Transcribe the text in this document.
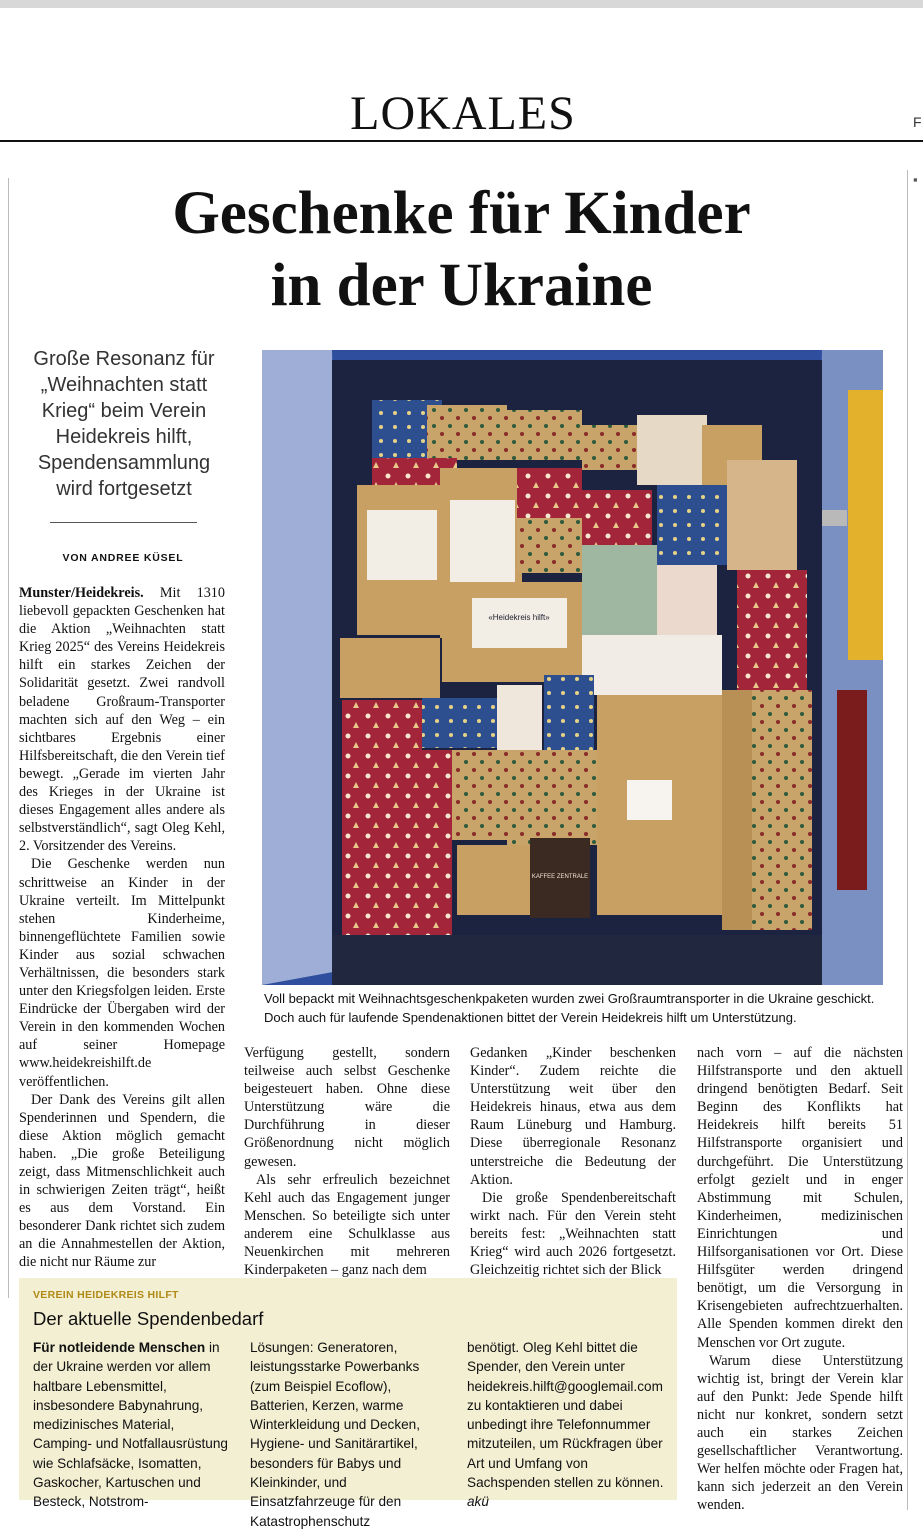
LOKALES	F
▪
Geschenke für Kinder
in der Ukraine
Große Resonanz für „Weihnachten statt Krieg“ beim Verein Heidekreis hilft, Spendensammlung wird fortgesetzt
VON ANDREE KÜSEL

Munster/Heidekreis. Mit 1310 liebevoll gepackten Geschenken hat die Aktion „Weihnachten statt Krieg 2025“ des Vereins Heidekreis hilft ein starkes Zeichen der Solidarität gesetzt. Zwei randvoll beladene Großraum-Transporter machten sich auf den Weg – ein sichtbares Ergebnis einer Hilfsbereitschaft, die den Verein tief bewegt. „Gerade im vierten Jahr des Krieges in der Ukraine ist dieses Engagement alles andere als selbstverständlich“, sagt Oleg Kehl, 2. Vorsitzender des Vereins.

Die Geschenke werden nun schrittweise an Kinder in der Ukraine verteilt. Im Mittelpunkt stehen Kinderheime, binnengeflüchtete Familien sowie Kinder aus sozial schwachen Verhältnissen, die besonders stark unter den Kriegsfolgen leiden. Erste Eindrücke der Übergaben wird der Verein in den kommenden Wochen auf seiner Homepage www.heidekreishilft.de veröffentlichen.

Der Dank des Vereins gilt allen Spenderinnen und Spendern, die diese Aktion möglich gemacht haben. „Die große Beteiligung zeigt, dass Mitmenschlichkeit auch in schwierigen Zeiten trägt“, heißt es aus dem Vorstand. Ein besonderer Dank richtet sich zudem an die Annahmestellen der Aktion, die nicht nur Räume zur

Verfügung gestellt, sondern teilweise auch selbst Geschenke beigesteuert haben. Ohne diese Unterstützung wäre die Durchführung in dieser Größenordnung nicht möglich gewesen.

Als sehr erfreulich bezeichnet Kehl auch das Engagement junger Menschen. So beteiligte sich unter anderem eine Schulklasse aus Neuenkirchen mit mehreren Kinderpaketen – ganz nach dem

Gedanken „Kinder beschenken Kinder“. Zudem reichte die Unterstützung weit über den Heidekreis hinaus, etwa aus dem Raum Lüneburg und Hamburg. Diese überregionale Resonanz unterstreiche die Bedeutung der Aktion.

Die große Spendenbereitschaft wirkt nach. Für den Verein steht bereits fest: „Weihnachten statt Krieg“ wird auch 2026 fortgesetzt. Gleichzeitig richtet sich der Blick

nach vorn – auf die nächsten Hilfstransporte und den aktuell dringend benötigten Bedarf. Seit Beginn des Konflikts hat Heidekreis hilft bereits 51 Hilfstransporte organisiert und durchgeführt. Die Unterstützung erfolgt gezielt und in enger Abstimmung mit Schulen, Kinderheimen, medizinischen Einrichtungen und Hilfsorganisationen vor Ort. Diese Hilfsgüter werden dringend benötigt, um die Versorgung in Krisengebieten aufrechtzuerhalten. Alle Spenden kommen direkt den Menschen vor Ort zugute.

Warum diese Unterstützung wichtig ist, bringt der Verein klar auf den Punkt: Jede Spende hilft nicht nur konkret, sondern setzt auch ein starkes Zeichen gesellschaftlicher Verantwortung. Wer helfen möchte oder Fragen hat, kann sich jederzeit an den Verein wenden.

«Heidekreis hilft»
KAFFEE ZENTRALE
Voll bepackt mit Weihnachtsgeschenkpaketen wurden zwei Großraumtransporter in die Ukraine geschickt. Doch auch für laufende Spendenaktionen bittet der Verein Heidekreis hilft um Unterstützung.
VEREIN HEIDEKREIS HILFT
Der aktuelle Spendenbedarf
Für notleidende Menschen in der Ukraine werden vor allem haltbare Lebensmittel, insbesondere Babynahrung, medizinisches Material, Camping- und Notfallausrüstung wie Schlafsäcke, Isomatten, Gaskocher, Kartuschen und Besteck, Notstrom-
Lösungen: Generatoren, leistungsstarke Powerbanks (zum Beispiel Ecoflow), Batterien, Kerzen, warme Winterkleidung und Decken, Hygiene- und Sanitärartikel, besonders für Babys und Kleinkinder, und Einsatzfahrzeuge für den Katastrophenschutz
benötigt. Oleg Kehl bittet die Spender, den Verein unter heidekreis.hilft@googlemail.com zu kontaktieren und dabei unbedingt ihre Telefonnummer mitzuteilen, um Rückfragen über Art und Umfang von Sachspenden stellen zu können. akü
